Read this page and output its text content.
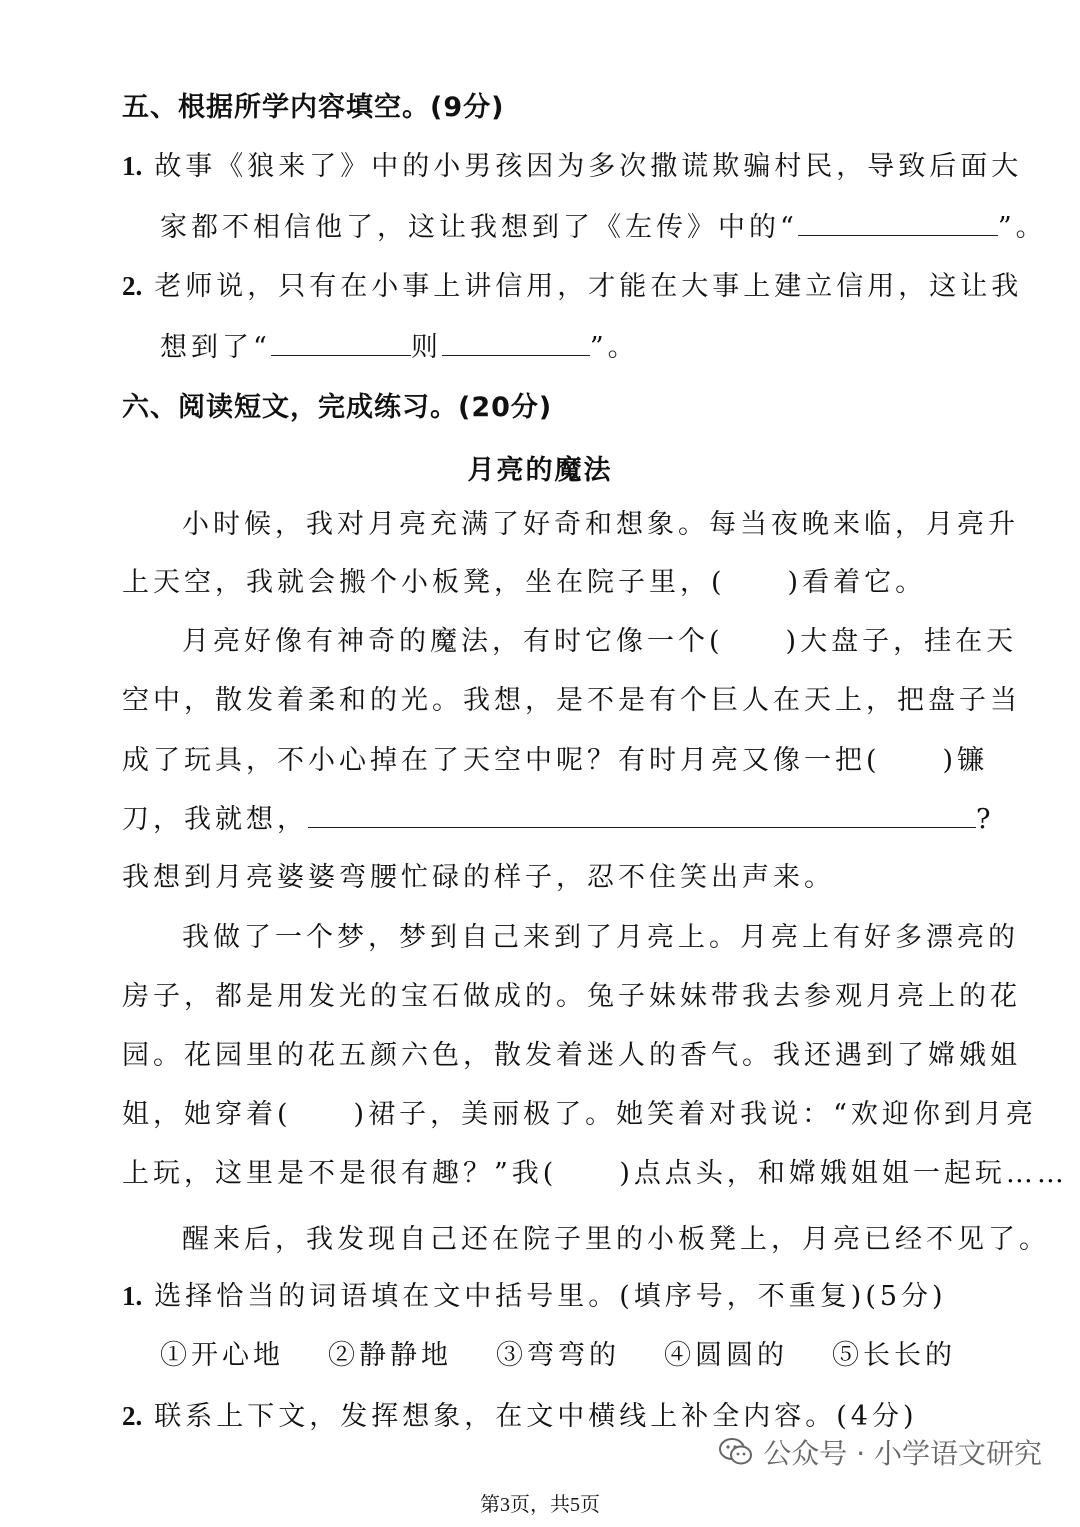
五、根据所学内容填空。(9分)
1. 故事《狼来了》中的小男孩因为多次撒谎欺骗村民，导致后面大
家都不相信他了，这让我想到了《左传》中的“	”。
2. 老师说，只有在小事上讲信用，才能在大事上建立信用，这让我
想到了“	则	”。
六、阅读短文，完成练习。(20分)
月亮的魔法
小时候，我对月亮充满了好奇和想象。每当夜晚来临，月亮升
上天空，我就会搬个小板凳，坐在院子里，(　　)看着它。
月亮好像有神奇的魔法，有时它像一个(　　)大盘子，挂在天
空中，散发着柔和的光。我想，是不是有个巨人在天上，把盘子当
成了玩具，不小心掉在了天空中呢？有时月亮又像一把(　　)镰
刀，我就想，	?
我想到月亮婆婆弯腰忙碌的样子，忍不住笑出声来。
我做了一个梦，梦到自己来到了月亮上。月亮上有好多漂亮的
房子，都是用发光的宝石做成的。兔子妹妹带我去参观月亮上的花
园。花园里的花五颜六色，散发着迷人的香气。我还遇到了嫦娥姐
姐，她穿着(　　)裙子，美丽极了。她笑着对我说：“欢迎你到月亮
上玩，这里是不是很有趣？”我(　　)点点头，和嫦娥姐姐一起玩……
醒来后，我发现自己还在院子里的小板凳上，月亮已经不见了。
1. 选择恰当的词语填在文中括号里。(填序号，不重复)(5分)
①开心地 ②静静地 ③弯弯的 ④圆圆的 ⑤长长的
2. 联系上下文，发挥想象，在文中横线上补全内容。(4分)
公众号 · 小学语文研究
第3页，共5页
